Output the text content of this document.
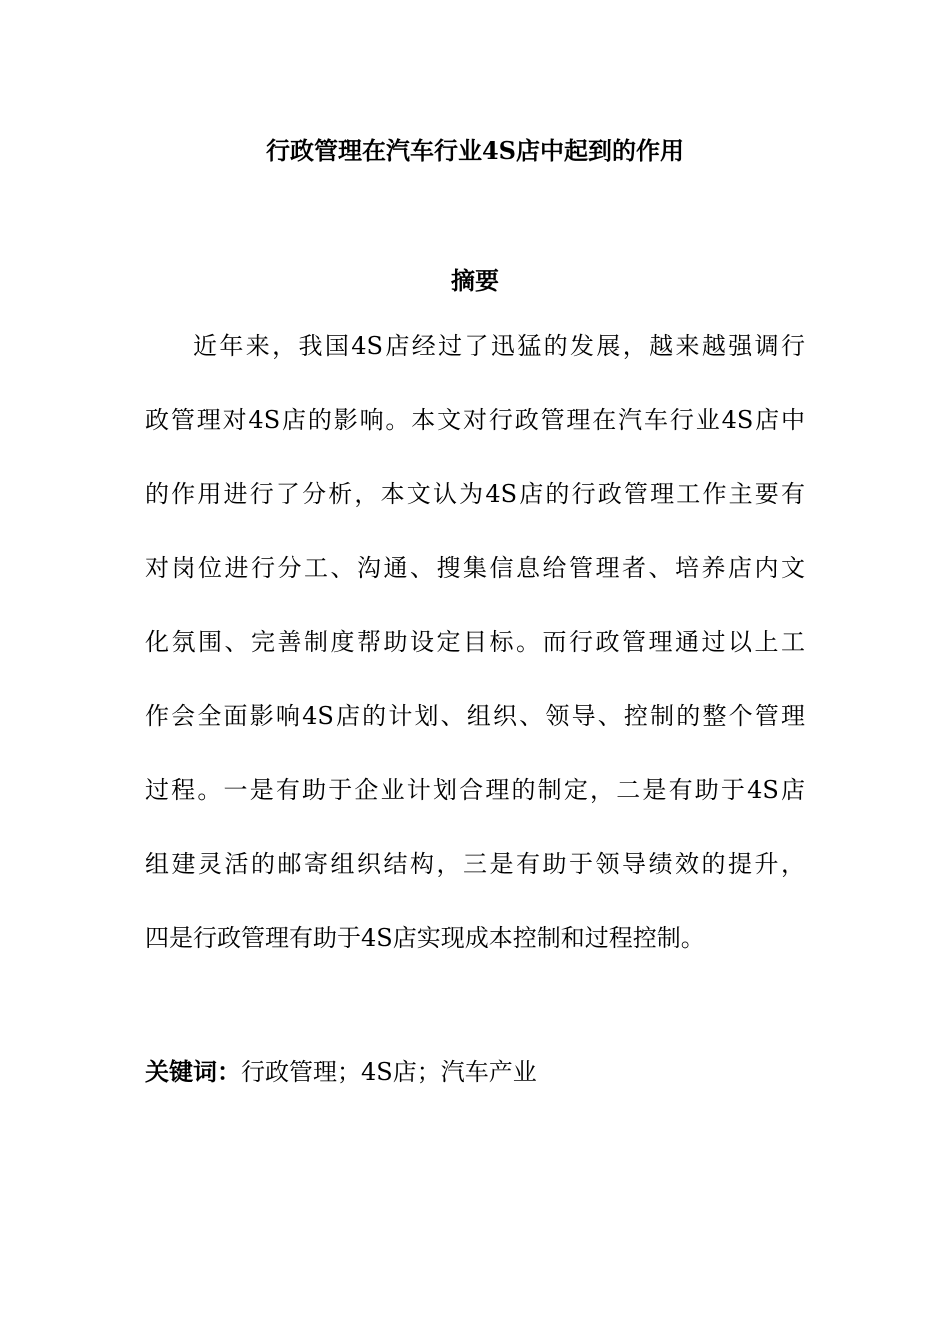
行政管理在汽车行业4S店中起到的作用
摘要
近年来，我国4S店经过了迅猛的发展，越来越强调行
政管理对4S店的影响。本文对行政管理在汽车行业4S店中
的作用进行了分析，本文认为4S店的行政管理工作主要有
对岗位进行分工、沟通、搜集信息给管理者、培养店内文
化氛围、完善制度帮助设定目标。而行政管理通过以上工
作会全面影响4S店的计划、组织、领导、控制的整个管理
过程。一是有助于企业计划合理的制定，二是有助于4S店
组建灵活的邮寄组织结构，三是有助于领导绩效的提升，
四是行政管理有助于4S店实现成本控制和过程控制。
关键词：行政管理；4S店；汽车产业
